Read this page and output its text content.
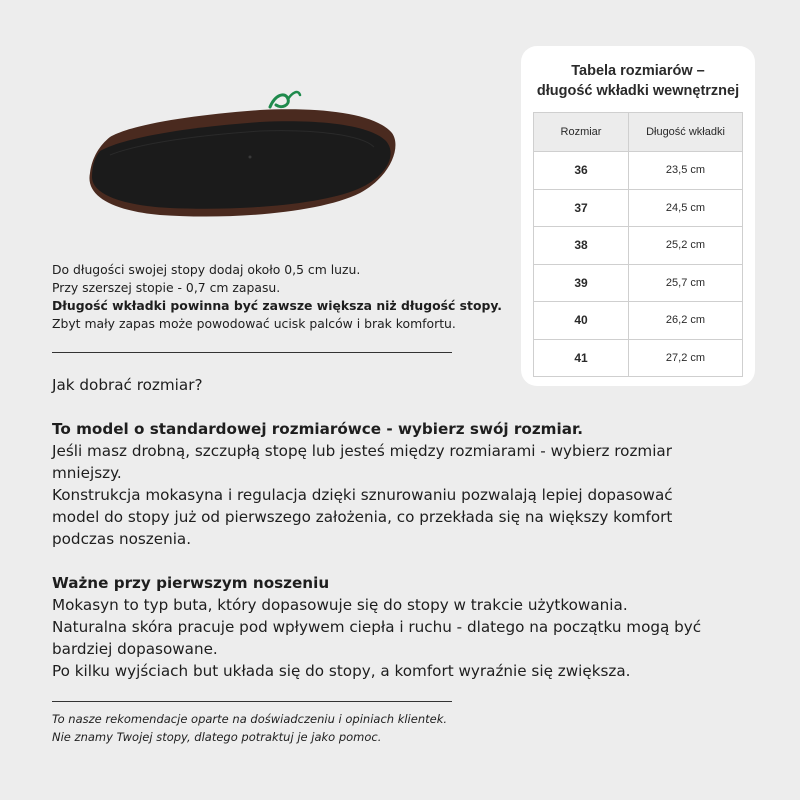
Tabela rozmiarów –
długość wkładki wewnętrznej
Rozmiar	Długość wkładki
36	23,5 cm
37	24,5 cm
38	25,2 cm
39	25,7 cm
40	26,2 cm
41	27,2 cm
Do długości swojej stopy dodaj około 0,5 cm luzu.
Przy szerszej stopie - 0,7 cm zapasu.
Długość wkładki powinna być zawsze większa niż długość stopy.
Zbyt mały zapas może powodować ucisk palców i brak komfortu.
Jak dobrać rozmiar?
To model o standardowej rozmiarówce - wybierz swój rozmiar.
Jeśli masz drobną, szczupłą stopę lub jesteś między rozmiarami - wybierz rozmiar
mniejszy.
Konstrukcja mokasyna i regulacja dzięki sznurowaniu pozwalają lepiej dopasować
model do stopy już od pierwszego założenia, co przekłada się na większy komfort
podczas noszenia.
Ważne przy pierwszym noszeniu
Mokasyn to typ buta, który dopasowuje się do stopy w trakcie użytkowania.
Naturalna skóra pracuje pod wpływem ciepła i ruchu - dlatego na początku mogą być
bardziej dopasowane.
Po kilku wyjściach but układa się do stopy, a komfort wyraźnie się zwiększa.
To nasze rekomendacje oparte na doświadczeniu i opiniach klientek.
Nie znamy Twojej stopy, dlatego potraktuj je jako pomoc.
